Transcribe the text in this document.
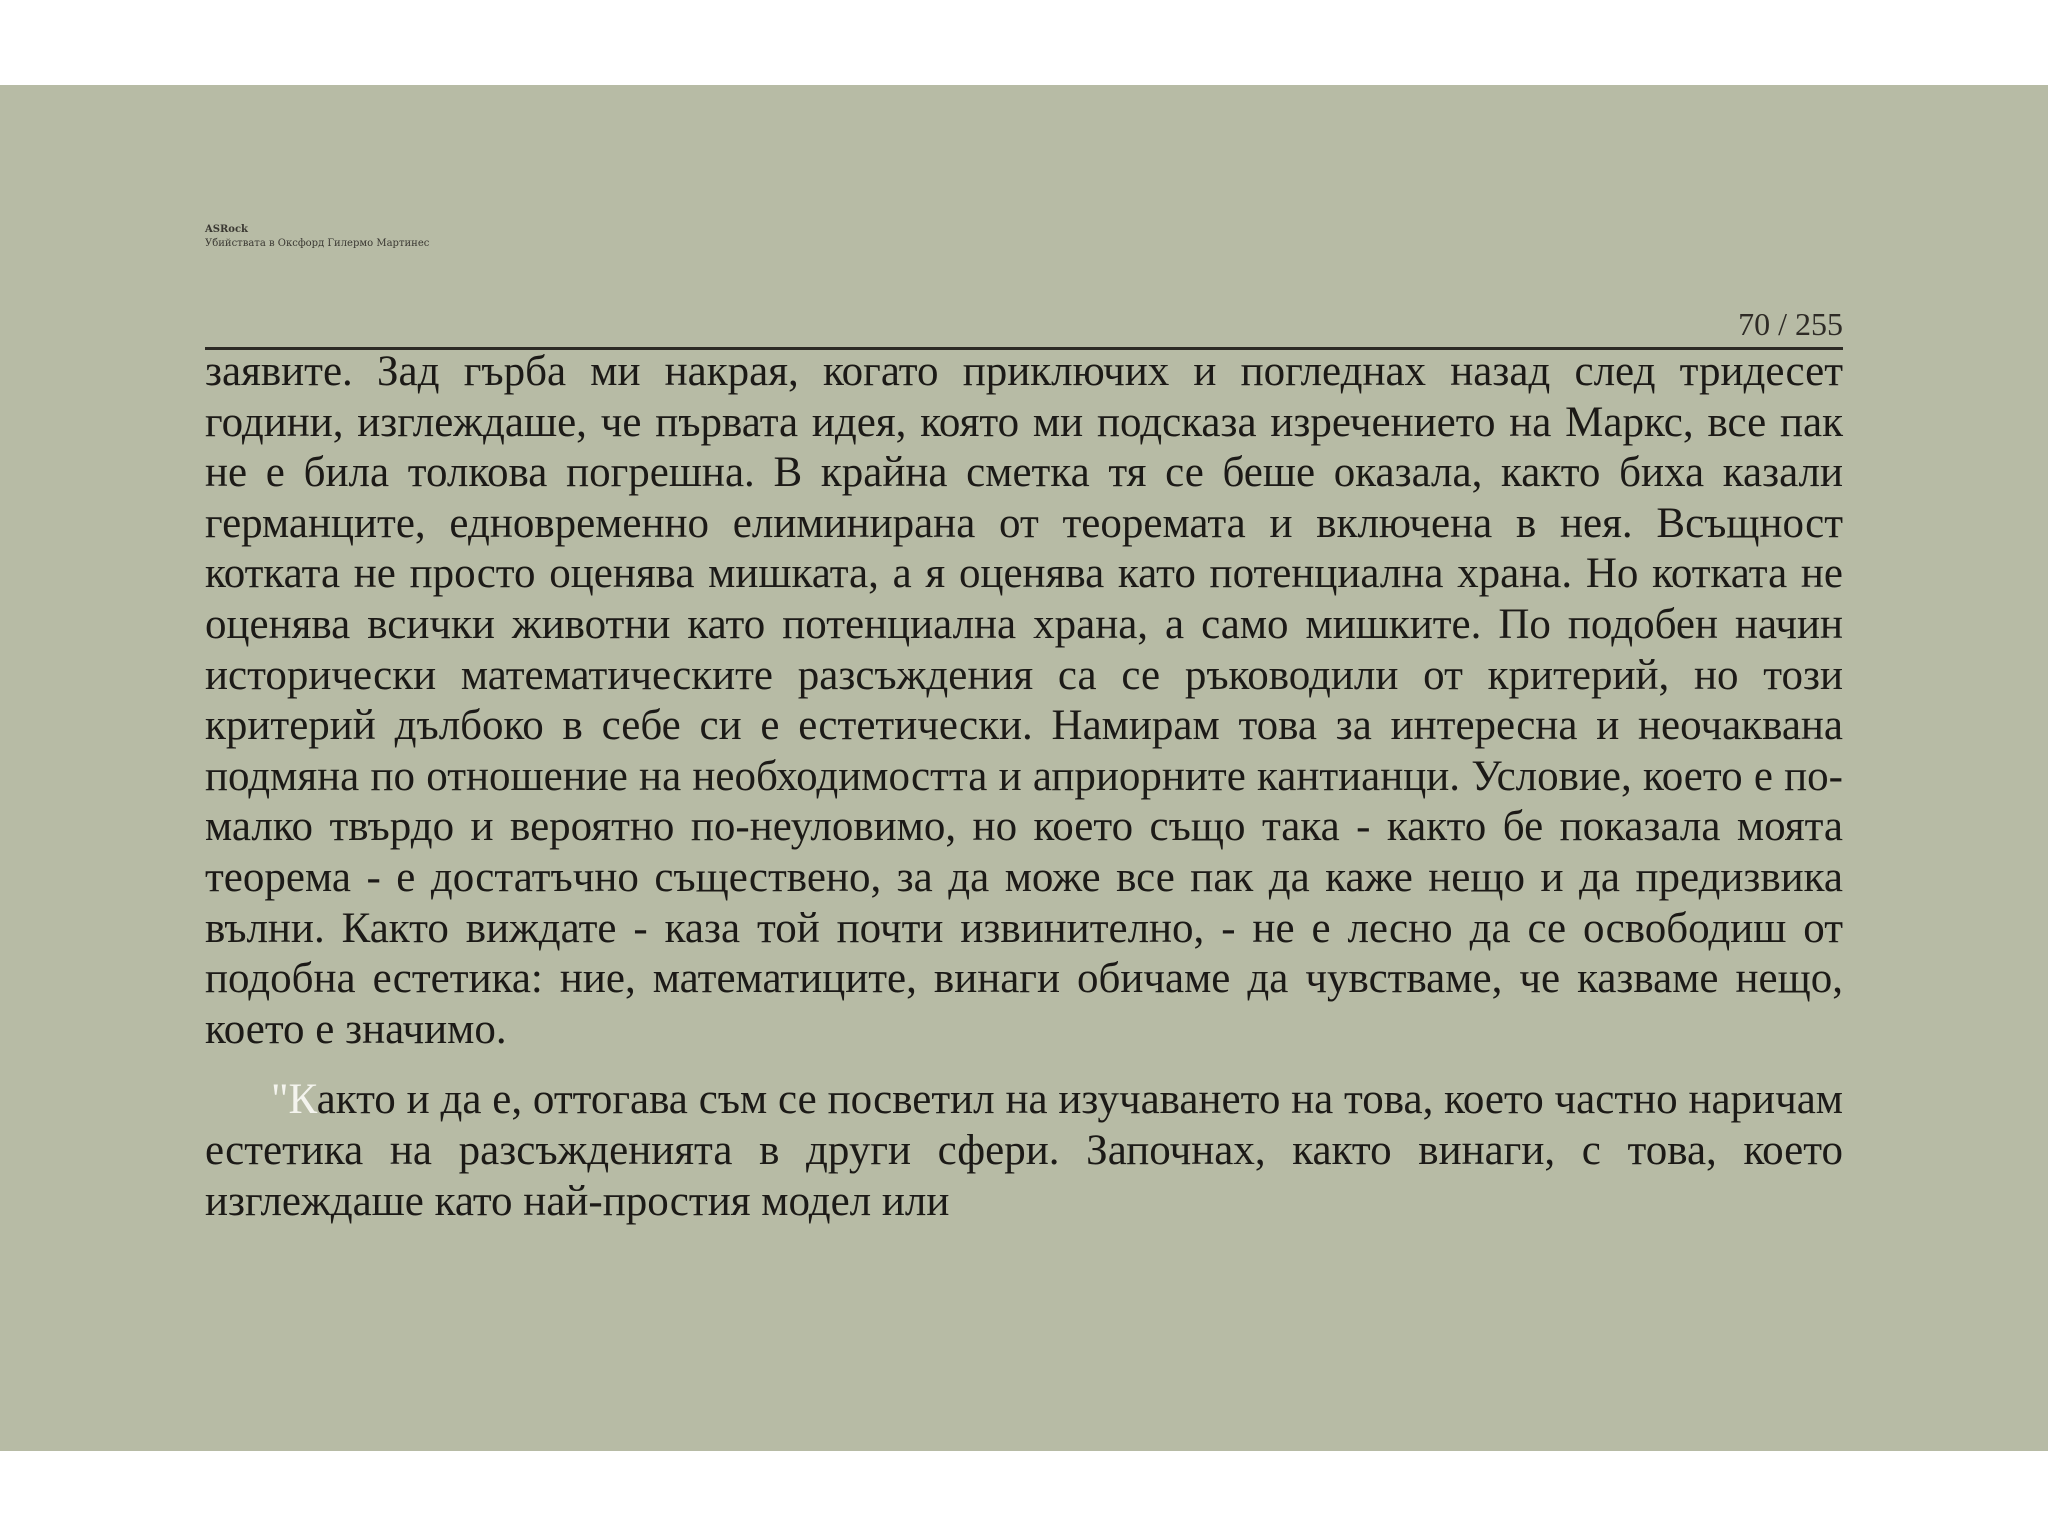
ASRock
Убийствата в Оксфорд Гилермо Мартинес
70 / 255

заявите. Зад гърба ми накрая, когато приключих и погледнах назад след тридесет години, изглеждаше, че първата идея, която ми подсказа изречението на Маркс, все пак не е била толкова погрешна. В крайна сметка тя се беше оказала, както биха казали германците, едновременно елиминирана от теоремата и включена в нея. Всъщност котката не просто оценява мишката, а я оценява като потенциална храна. Но котката не оценява всички животни като потенциална храна, а само мишките. По подобен начин исторически математическите разсъждения са се ръководили от критерий, но този критерий дълбоко в себе си е естетически. Намирам това за интересна и неочаквана подмяна по отношение на необходимостта и априорните кантианци. Условие, което е по-малко твърдо и вероятно по-неуловимо, но което също така - както бе показала моята теорема - е достатъчно съществено, за да може все пак да каже нещо и да предизвика вълни. Както виждате - каза той почти извинително, - не е лесно да се освободиш от подобна естетика: ние, математиците, винаги обичаме да чувстваме, че казваме нещо, което е значимо.

"Както и да е, оттогава съм се посветил на изучаването на това, което частно наричам естетика на разсъжденията в други сфери. Започнах, както винаги, с това, което изглеждаше като най-простия модел или
